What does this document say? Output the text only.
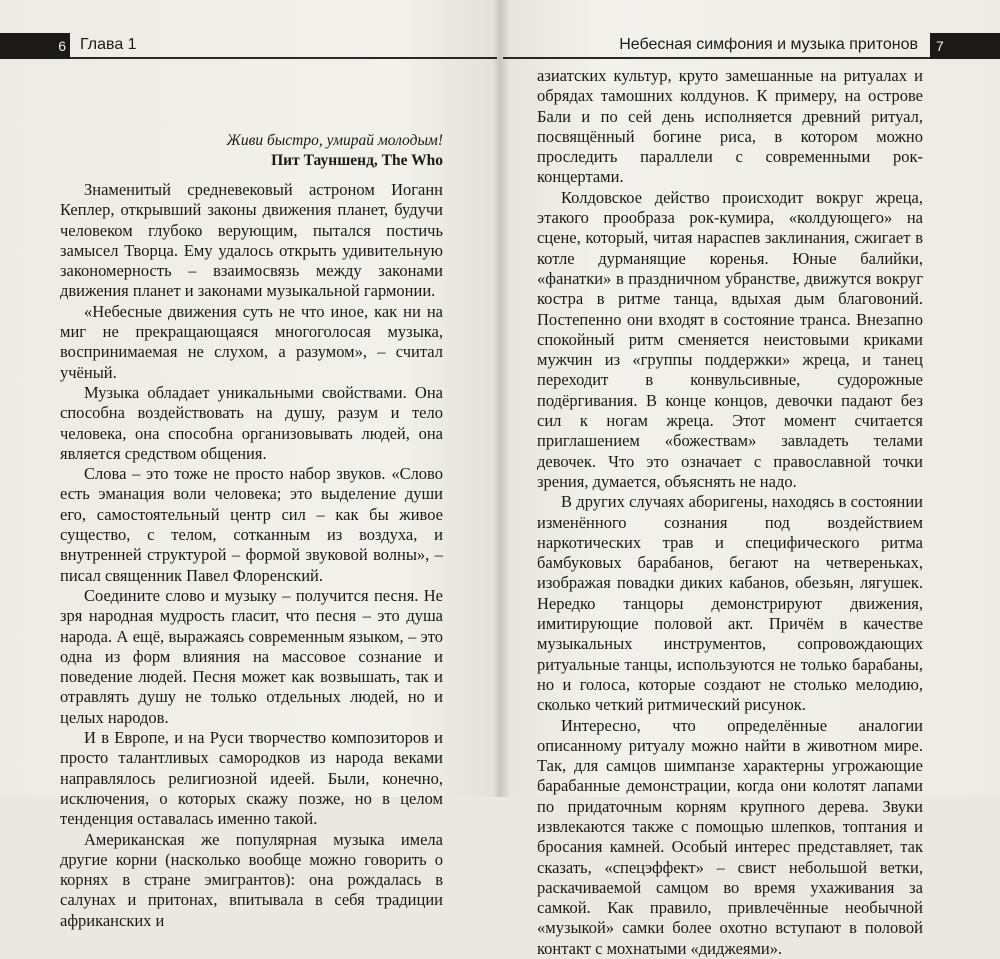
6 Глава 1
Живи быстро, умирай молодым!
Пит Тауншенд, The Who

Знаменитый средневековый астроном Иоганн Кеплер, открывший законы движения планет, будучи человеком глубоко верующим, пытался постичь замысел Творца. Ему удалось открыть удивительную закономерность – взаимосвязь между законами движения планет и законами музыкальной гармонии.

«Небесные движения суть не что иное, как ни на миг не прекращающаяся многоголосая музыка, воспринимаемая не слухом, а разумом», – считал учёный.

Музыка обладает уникальными свойствами. Она способна воздействовать на душу, разум и тело человека, она способна организовывать людей, она является средством общения.

Слова – это тоже не просто набор звуков. «Слово есть эманация воли человека; это выделение души его, самостоятельный центр сил – как бы живое существо, с телом, сотканным из воздуха, и внутренней структурой – формой звуковой волны», – писал священник Павел Флоренский.

Соедините слово и музыку – получится песня. Не зря народная мудрость гласит, что песня – это душа народа. А ещё, выражаясь современным языком, – это одна из форм влияния на массовое сознание и поведение людей. Песня может как возвышать, так и отравлять душу не только отдельных людей, но и целых народов.

И в Европе, и на Руси творчество композиторов и просто талантливых самородков из народа веками направлялось религиозной идеей. Были, конечно, исключения, о которых скажу позже, но в целом тенденция оставалась именно такой.

Американская же популярная музыка имела другие корни (насколько вообще можно говорить о корнях в стране эмигрантов): она рождалась в салунах и притонах, впитывала в себя традиции африканских и

Небесная симфония и музыка притонов	7

азиатских культур, круто замешанные на ритуалах и обрядах тамошних колдунов. К примеру, на острове Бали и по сей день исполняется древний ритуал, посвящённый богине риса, в котором можно проследить параллели с современными рок-концертами.

Колдовское действо происходит вокруг жреца, этакого прообраза рок-кумира, «колдующего» на сцене, который, читая нараспев заклинания, сжигает в котле дурманящие коренья. Юные балийки, «фанатки» в праздничном убранстве, движутся вокруг костра в ритме танца, вдыхая дым благовоний. Постепенно они входят в состояние транса. Внезапно спокойный ритм сменяется неистовыми криками мужчин из «группы поддержки» жреца, и танец переходит в конвульсивные, судорожные подёргивания. В конце концов, девочки падают без сил к ногам жреца. Этот момент считается приглашением «божествам» завладеть телами девочек. Что это означает с православной точки зрения, думается, объяснять не надо.

В других случаях аборигены, находясь в состоянии изменённого сознания под воздействием наркотических трав и специфического ритма бамбуковых барабанов, бегают на четвереньках, изображая повадки диких кабанов, обезьян, лягушек. Нередко танцоры демонстрируют движения, имитирующие половой акт. Причём в качестве музыкальных инструментов, сопровождающих ритуальные танцы, используются не только барабаны, но и голоса, которые создают не столько мелодию, сколько четкий ритмический рисунок.

Интересно, что определённые аналогии описанному ритуалу можно найти в животном мире. Так, для самцов шимпанзе характерны угрожающие барабанные демонстрации, когда они колотят лапами по придаточным корням крупного дерева. Звуки извлекаются также с помощью шлепков, топтания и бросания камней. Особый интерес представляет, так сказать, «спецэффект» – свист небольшой ветки, раскачиваемой самцом во время ухаживания за самкой. Как правило, привлечённые необычной «музыкой» самки более охотно вступают в половой контакт с мохнатыми «диджеями».
